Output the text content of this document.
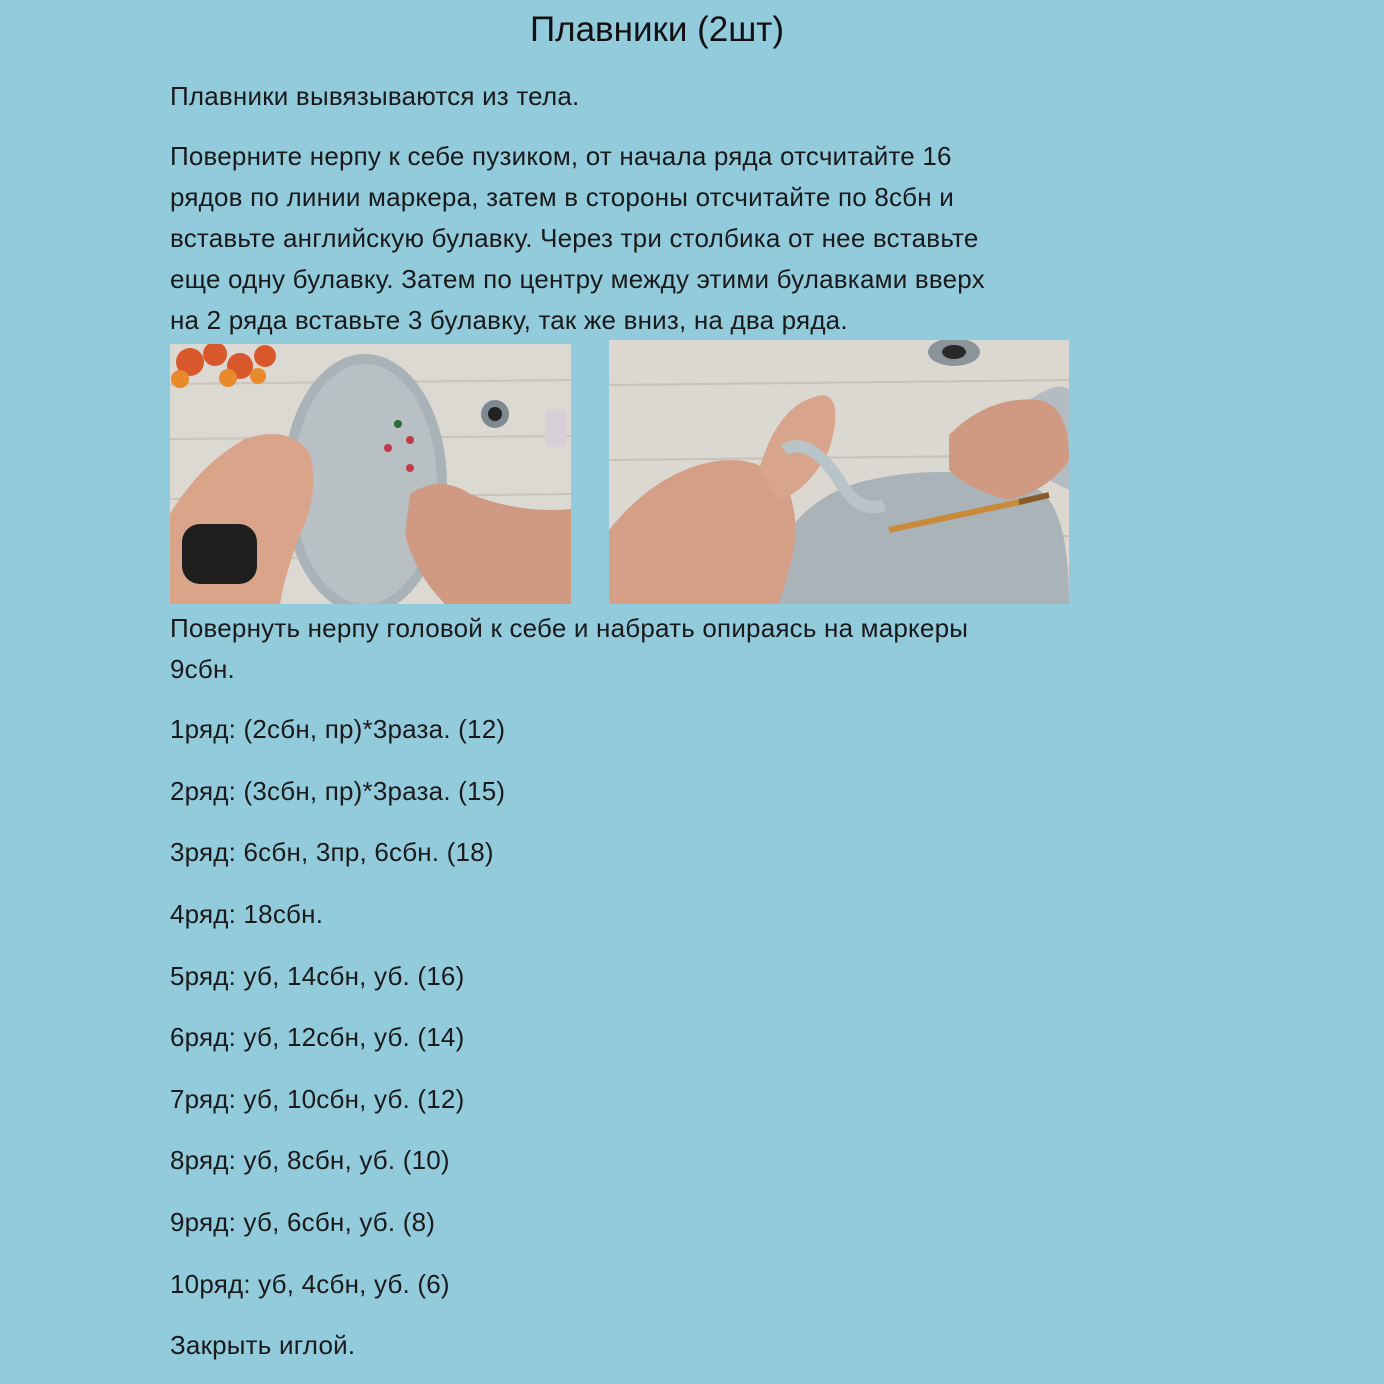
Плавники (2шт)
Плавники вывязываются из тела.
Поверните нерпу к себе пузиком, от начала ряда отсчитайте 16
рядов по линии маркера, затем в стороны отсчитайте по 8сбн и
вставьте английскую булавку. Через три столбика от нее вставьте
еще одну булавку. Затем по центру между этими булавками вверх
на 2 ряда вставьте 3 булавку, так же вниз, на два ряда.
Повернуть нерпу головой к себе и набрать опираясь на маркеры
9сбн.
1ряд: (2сбн, пр)*3раза. (12)
2ряд: (3сбн, пр)*3раза. (15)
3ряд: 6сбн, 3пр, 6сбн. (18)
4ряд: 18сбн.
5ряд: уб, 14сбн, уб. (16)
6ряд: уб, 12сбн, уб. (14)
7ряд: уб, 10сбн, уб. (12)
8ряд: уб, 8сбн, уб. (10)
9ряд: уб, 6сбн, уб. (8)
10ряд: уб, 4сбн, уб. (6)
Закрыть иглой.
